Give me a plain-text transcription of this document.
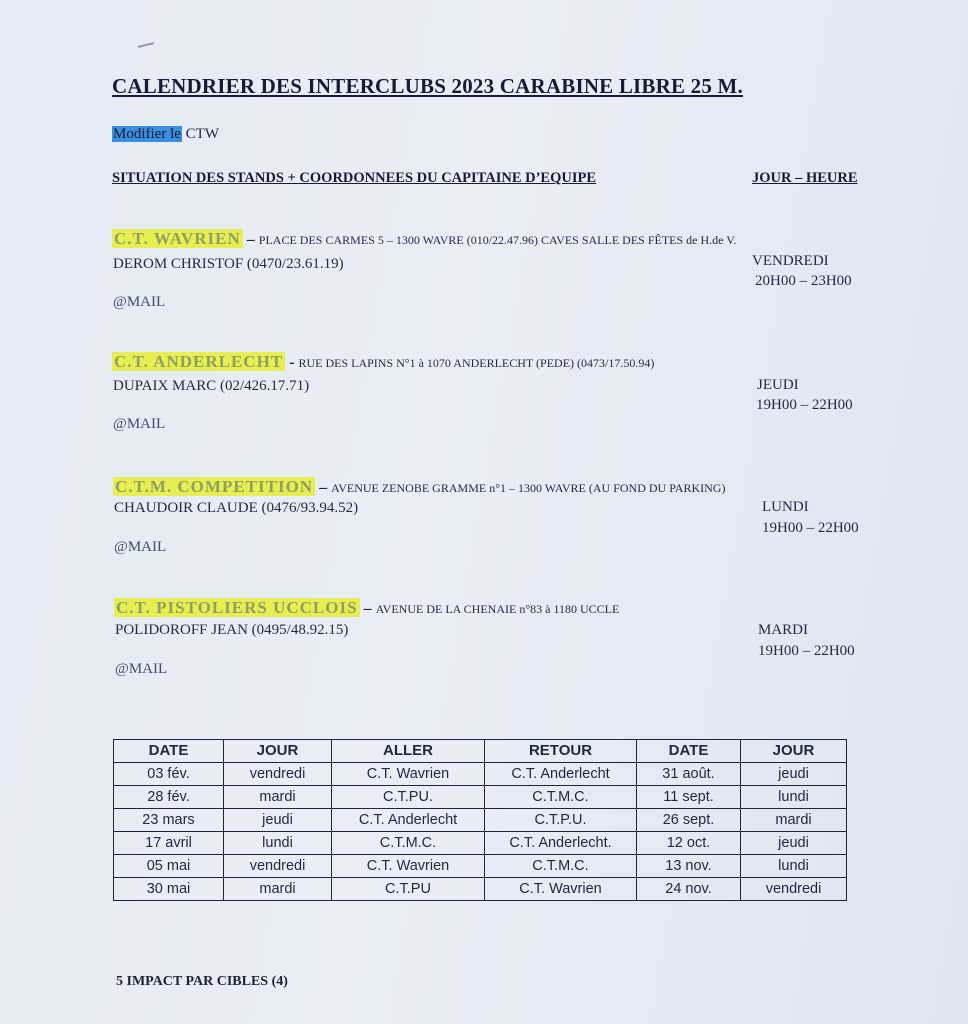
CALENDRIER DES INTERCLUBS 2023 CARABINE LIBRE 25 M.
Modifier le CTW
SITUATION DES STANDS + COORDONNEES DU CAPITAINE D’EQUIPE	JOUR – HEURE
C.T. WAVRIEN – PLACE DES CARMES 5 – 1300 WAVRE (010/22.47.96) CAVES SALLE DES FÊTES de H.de V.
DEROM CHRISTOF (0470/23.61.19)
@MAIL
VENDREDI
20H00 – 23H00
C.T. ANDERLECHT - RUE DES LAPINS N°1 à 1070 ANDERLECHT (PEDE) (0473/17.50.94)
DUPAIX MARC (02/426.17.71)
@MAIL
JEUDI
19H00 – 22H00
C.T.M. COMPETITION – AVENUE ZENOBE GRAMME n°1 – 1300 WAVRE (AU FOND DU PARKING)
CHAUDOIR CLAUDE (0476/93.94.52)
@MAIL
LUNDI
19H00 – 22H00
C.T. PISTOLIERS UCCLOIS – AVENUE DE LA CHENAIE n°83 à 1180 UCCLE
POLIDOROFF JEAN (0495/48.92.15)
@MAIL
MARDI
19H00 – 22H00
DATE	JOUR	ALLER	RETOUR	DATE	JOUR
03 fév.	vendredi	C.T. Wavrien	C.T. Anderlecht	31 août.	jeudi
28 fév.	mardi	C.T.PU.	C.T.M.C.	11 sept.	lundi
23 mars	jeudi	C.T. Anderlecht	C.T.P.U.	26 sept.	mardi
17 avril	lundi	C.T.M.C.	C.T. Anderlecht.	12 oct.	jeudi
05 mai	vendredi	C.T. Wavrien	C.T.M.C.	13 nov.	lundi
30 mai	mardi	C.T.PU	C.T. Wavrien	24 nov.	vendredi
5 IMPACT PAR CIBLES (4)
